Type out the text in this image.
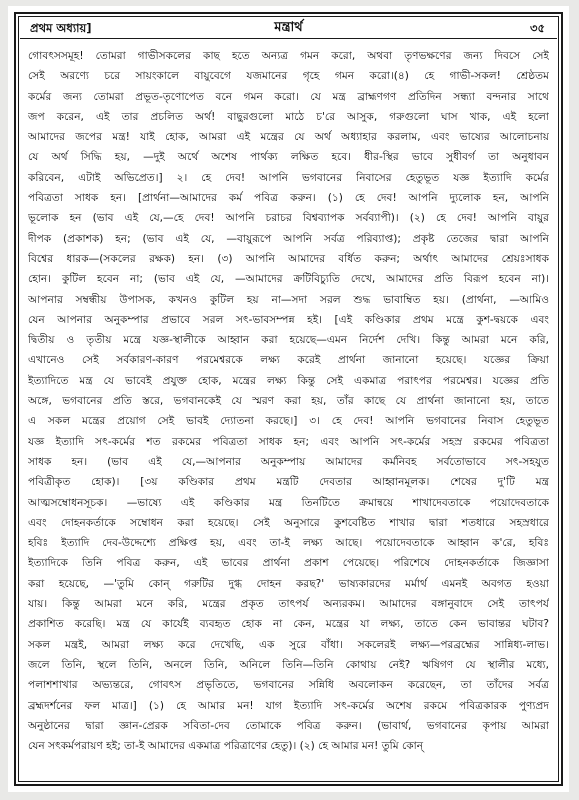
প্রথম অধ্যায়]	মন্ত্রার্থ	৩৫
গোবৎসসমূহ! তোমরা গাভীসকলের কাছ হতে অন্যত্র গমন করো, অথবা তৃণভক্ষণের জন্য দিবসে সেই
সেই অরণ্যে চরে সায়ংকালে বায়ুবেগে যজমানের গৃহে গমন করো।(৪) হে গাভী-সকল! শ্রেষ্ঠতম
কর্মের জন্য তোমরা প্রভূত-তৃণোপেত বনে গমন করো। যে মন্ত্র ব্রাহ্মণগণ প্রতিদিন সন্ধ্যা বন্দনার সাথে
জপ করেন, এই তার প্রচলিত অর্থ! বাছুরগুলো মাঠে চ'রে আসুক, গরুগুলো ঘাস খাক, এই হলো
আমাদের জপের মন্ত্র! যাই হোক, আমরা এই মন্ত্রের যে অর্থ অধ্যাহার করলাম, এবং ভাষ্যের আলোচনায়
যে অর্থ সিদ্ধি হয়, —দুই অর্থে অশেষ পার্থক্য লক্ষিত হবে। ধীর-স্থির ভাবে সুধীবর্গ তা অনুধাবন
করিবেন, এটাই অভিপ্রেত।] ২। হে দেব! আপনি ভগবানের নিবাসের হেতুভূত যজ্ঞ ইত্যাদি কর্মের
পবিত্রতা সাধক হন। [প্রার্থনা—আমাদের কর্ম পবিত্র করুন। (১) হে দেব! আপনি দ্যুলোক হন, আপনি
ভূলোক হন (ভাব এই যে,—হে দেব! আপনি চরাচর বিশ্বব্যাপক সর্বব্যাপী)। (২) হে দেব! আপনি বায়ুর
দীপক (প্রকাশক) হন; (ভাব এই যে, —বায়ুরূপে আপনি সর্বত্র পরিব্যাপ্ত); প্রকৃষ্ট তেজের দ্বারা আপনি
বিশ্বের ধারক—(সকলের রক্ষক) হন। (৩) আপনি আমাদের বর্ধিত করুন; অর্থাৎ আমাদের শ্রেয়ঃসাধক
হোন। কুটিল হবেন না; (ভাব এই যে, —আমাদের ক্রটিবিচ্যুতি দেখে, আমাদের প্রতি বিরূপ হবেন না)।
আপনার সম্বন্ধীয় উপাসক, কখনও কুটিল হয় না—সদা সরল শুদ্ধ ভাবাম্বিত হয়। (প্রার্থনা, —আমিও
যেন আপনার অনুকম্পার প্রভাবে সরল সৎ-ভাবসম্পন্ন হই। [এই কণ্ডিকার প্রথম মন্ত্রে কুশ-দ্বয়কে এবং
দ্বিতীয় ও তৃতীয় মন্ত্রে যজ্ঞ-স্থালীকে আহ্বান করা হয়েছে—এমন নির্দেশ দেখি। কিন্তু আমরা মনে করি,
এখানেও সেই সর্বকারণ-কারণ পরমেশ্বরকে লক্ষ্য করেই প্রার্থনা জানানো হয়েছে। যজ্ঞের ক্রিয়া
ইত্যাদিতে মন্ত্র যে ভাবেই প্রযুক্ত হোক, মন্ত্রের লক্ষ্য কিন্তু সেই একমাত্র পরাৎপর পরমেশ্বর। যজ্ঞের প্রতি
অঙ্গে, ভগবানের প্রতি স্তরে, ভগবানকেই যে স্মরণ করা হয়, তাঁর কাছে যে প্রার্থনা জানানো হয়, তাতে
এ সকল মন্ত্রের প্রয়োগ সেই ভাবই দ্যোতনা করছে।] ৩। হে দেব! আপনি ভগবানের নিবাস হেতুভূত
যজ্ঞ ইত্যাদি সৎ-কর্মের শত রকমের পবিত্রতা সাধক হন; এবং আপনি সৎ-কর্মের সহস্র রকমের পবিত্রতা
সাধক হন। (ভাব এই যে,—আপনার অনুকম্পায় আমাদের কর্মনিবহ সর্বতোভাবে সৎ-সহযুত
পবিত্রীকৃত হোক)। [৩য় কণ্ডিকার প্রথম মন্ত্রটি দেবতার আহ্বানমূলক। শেষের দু'টি মন্ত্র
আত্মসম্বোধনসূচক। —ভাষ্যে এই কণ্ডিকার মন্ত্র তিনটিতে ক্রমান্বয়ে শাখাদেবতাকে পয়োদেবতাকে
এবং দোহনকর্তাকে সম্বোধন করা হয়েছে। সেই অনুসারে কুশবেষ্টিত শাখার দ্বারা শতধারে সহস্রধারে
হবিঃ ইত্যাদি দেব-উদ্দেশ্যে প্রক্ষিপ্ত হয়, এবং তা-ই লক্ষ্য আছে। পয়োদেবতাকে আহ্বান ক'রে, হবিঃ
ইত্যাদিকে তিনি পবিত্র করুন, এই ভাবের প্রার্থনা প্রকাশ পেয়েছে। পরিশেষে দোহনকর্তাকে জিজ্ঞাসা
করা হয়েছে, —'তুমি কোন্ গরুটির দুগ্ধ দোহন করছ?' ভাষ্যকারদের মর্মার্থ এমনই অবগত হওয়া
যায়। কিন্তু আমরা মনে করি, মন্ত্রের প্রকৃত তাৎপর্য অন্যরকম। আমাদের বঙ্গানুবাদে সেই তাৎপর্য
প্রকাশিত করেছি। মন্ত্র যে কার্যেই ব্যবহৃত হোক না কেন, মন্ত্রের যা লক্ষ্য, তাতে কেন ভাবান্তর ঘটাব?
সকল মন্ত্রই, আমরা লক্ষ্য করে দেখেছি, এক সুরে বাঁধা। সকলেরই লক্ষ্য—পরব্রহ্মের সান্নিধ্য-লাভ।
জলে তিনি, স্থলে তিনি, অনলে তিনি, অনিলে তিনি—তিনি কোথায় নেই? ঋষিগণ যে স্থালীর মধ্যে,
পলাশশাখার অভ্যন্তরে, গোবৎস প্রভৃতিতে, ভগবানের সন্নিধি অবলোকন করেছেন, তা তাঁদের সর্বত্র
ব্রহ্মদর্শনের ফল মাত্র।] (১) হে আমার মন! যাগ ইত্যাদি সৎ-কর্মের অশেষ রকমে পবিত্রকারক পুণ্যপ্রদ
অনুষ্ঠানের দ্বারা জ্ঞান-প্রেরক সবিতা-দেব তোমাকে পবিত্র করুন। (ভাবার্থ, ভগবানের কৃপায় আমরা
যেন সৎকর্মপরায়ণ হই; তা-ই আমাদের একমাত্র পরিত্রাণের হেতু)। (২) হে আমার মন! তুমি কোন্
